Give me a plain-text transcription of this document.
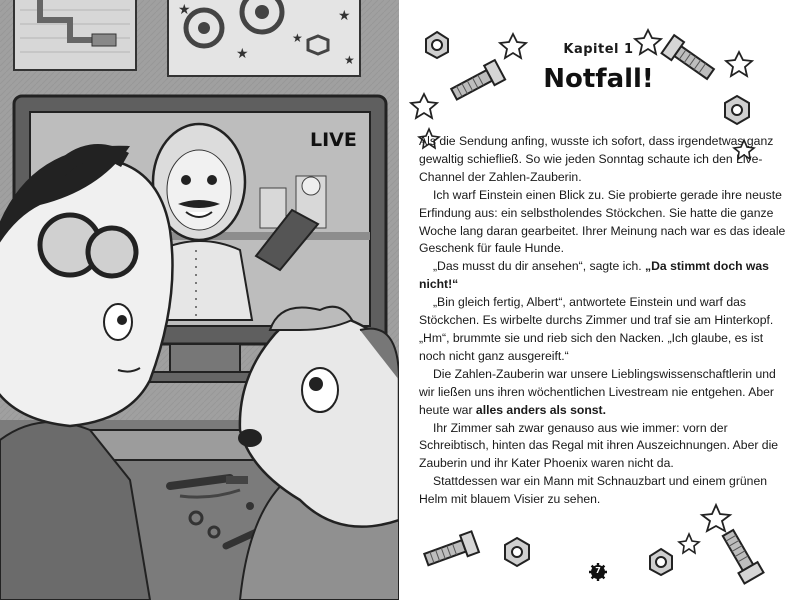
★
★
★
★
★
LIVE
Kapitel 1
Notfall!

Als die Sendung anfing, wusste ich sofort, dass irgendetwas ganz gewaltig schiefließ. So wie jeden Sonntag schaute ich den Live-Channel der Zahlen-Zauberin.

Ich warf Einstein einen Blick zu. Sie probierte gerade ihre neuste Erfindung aus: ein selbstholendes Stöckchen. Sie hatte die ganze Woche lang daran gearbeitet. Ihrer Meinung nach war es das ideale Geschenk für faule Hunde.

„Das musst du dir ansehen“, sagte ich. „Da stimmt doch was nicht!“

„Bin gleich fertig, Albert“, antwortete Einstein und warf das Stöckchen. Es wirbelte durchs Zimmer und traf sie am Hinterkopf. „Hm“, brummte sie und rieb sich den Nacken. „Ich glaube, es ist noch nicht ganz ausgereift.“

Die Zahlen-Zauberin war unsere Lieblingswissenschaftlerin und wir ließen uns ihren wöchentlichen Livestream nie entgehen. Aber heute war alles anders als sonst.

Ihr Zimmer sah zwar genauso aus wie immer: vorn der Schreibtisch, hinten das Regal mit ihren Auszeichnungen. Aber die Zauberin und ihr Kater Phoenix waren nicht da.

Stattdessen war ein Mann mit Schnauzbart und einem grünen Helm mit blauem Visier zu sehen.

7
